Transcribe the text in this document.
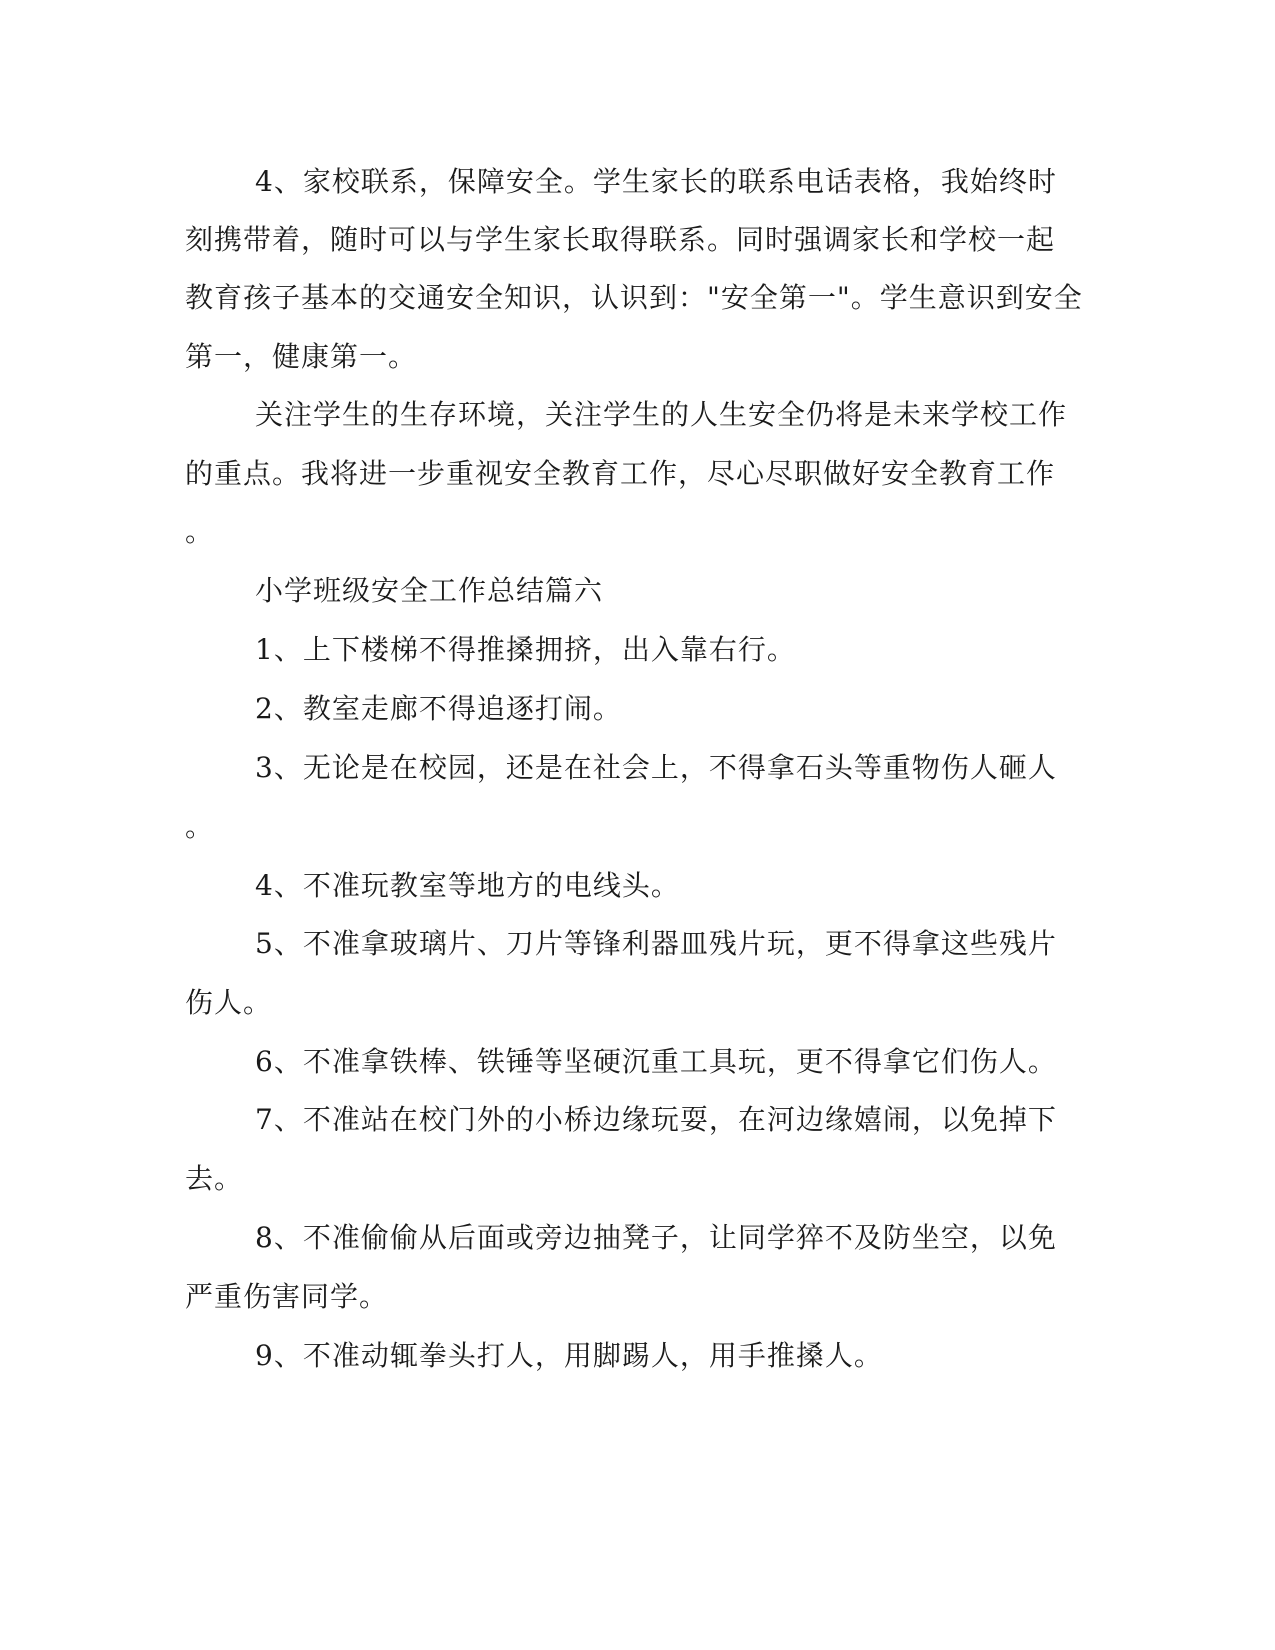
4、家校联系，保障安全。学生家长的联系电话表格，我始终时
刻携带着，随时可以与学生家长取得联系。同时强调家长和学校一起
教育孩子基本的交通安全知识，认识到："安全第一"。学生意识到安全
第一，健康第一。
关注学生的生存环境，关注学生的人生安全仍将是未来学校工作
的重点。我将进一步重视安全教育工作，尽心尽职做好安全教育工作
。
小学班级安全工作总结篇六
1、上下楼梯不得推搡拥挤，出入靠右行。
2、教室走廊不得追逐打闹。
3、无论是在校园，还是在社会上，不得拿石头等重物伤人砸人
。
4、不准玩教室等地方的电线头。
5、不准拿玻璃片、刀片等锋利器皿残片玩，更不得拿这些残片
伤人。
6、不准拿铁棒、铁锤等坚硬沉重工具玩，更不得拿它们伤人。
7、不准站在校门外的小桥边缘玩耍，在河边缘嬉闹，以免掉下
去。
8、不准偷偷从后面或旁边抽凳子，让同学猝不及防坐空，以免
严重伤害同学。
9、不准动辄拳头打人，用脚踢人，用手推搡人。
